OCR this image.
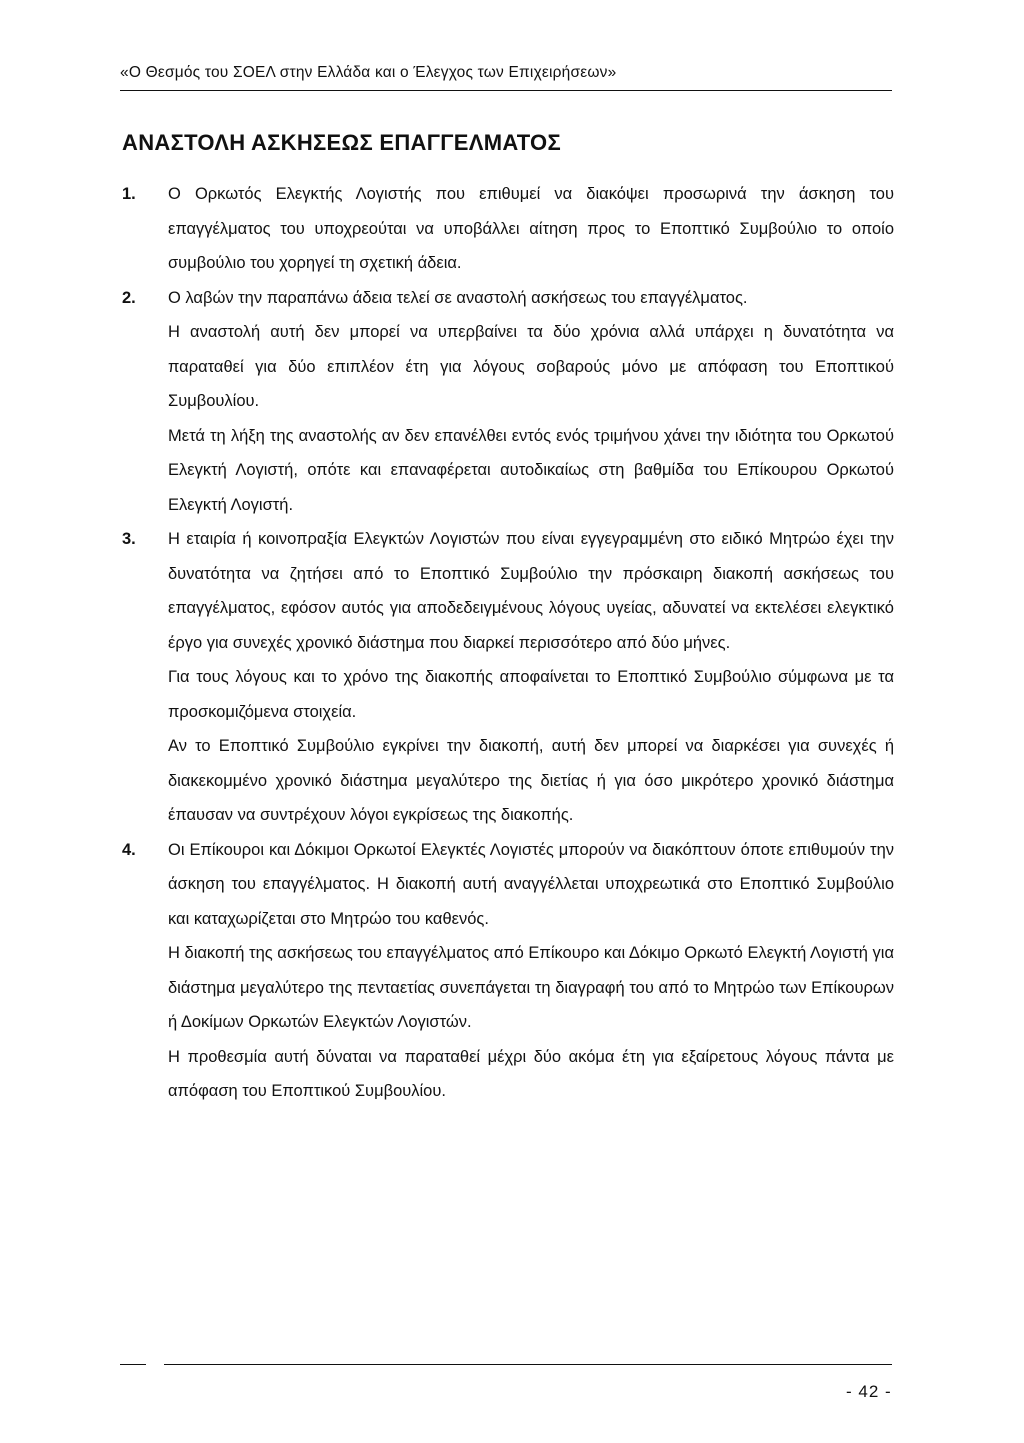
«Ο Θεσμός του ΣΟΕΛ στην Ελλάδα και ο Έλεγχος των Επιχειρήσεων»
ΑΝΑΣΤΟΛΗ ΑΣΚΗΣΕΩΣ ΕΠΑΓΓΕΛΜΑΤΟΣ
1. Ο Ορκωτός Ελεγκτής Λογιστής που επιθυμεί να διακόψει προσωρινά την άσκηση του επαγγέλματος του υποχρεούται να υποβάλλει αίτηση προς το Εποπτικό Συμβούλιο το οποίο συμβούλιο του χορηγεί τη σχετική άδεια.

2. Ο λαβών την παραπάνω άδεια τελεί σε αναστολή ασκήσεως του επαγγέλματος.

Η αναστολή αυτή δεν μπορεί να υπερβαίνει τα δύο χρόνια αλλά υπάρχει η δυνατότητα να παραταθεί για δύο επιπλέον έτη για λόγους σοβαρούς μόνο με απόφαση του Εποπτικού Συμβουλίου.

Μετά τη λήξη της αναστολής αν δεν επανέλθει εντός ενός τριμήνου χάνει την ιδιότητα του Ορκωτού Ελεγκτή Λογιστή, οπότε και επαναφέρεται αυτοδικαίως στη βαθμίδα του Επίκουρου Ορκωτού Ελεγκτή Λογιστή.

3. Η εταιρία ή κοινοπραξία Ελεγκτών Λογιστών που είναι εγγεγραμμένη στο ειδικό Μητρώο έχει την δυνατότητα να ζητήσει από το Εποπτικό Συμβούλιο την πρόσκαιρη διακοπή ασκήσεως του επαγγέλματος, εφόσον αυτός για αποδεδειγμένους λόγους υγείας, αδυνατεί να εκτελέσει ελεγκτικό έργο για συνεχές χρονικό διάστημα που διαρκεί περισσότερο από δύο μήνες.

Για τους λόγους και το χρόνο της διακοπής αποφαίνεται το Εποπτικό Συμβούλιο σύμφωνα με τα προσκομιζόμενα στοιχεία.

Αν το Εποπτικό Συμβούλιο εγκρίνει την διακοπή, αυτή δεν μπορεί να διαρκέσει για συνεχές ή διακεκομμένο χρονικό διάστημα μεγαλύτερο της διετίας ή για όσο μικρότερο χρονικό διάστημα έπαυσαν να συντρέχουν λόγοι εγκρίσεως της διακοπής.

4. Οι Επίκουροι και Δόκιμοι Ορκωτοί Ελεγκτές Λογιστές μπορούν να διακόπτουν όποτε επιθυμούν την άσκηση του επαγγέλματος. Η διακοπή αυτή αναγγέλλεται υποχρεωτικά στο Εποπτικό Συμβούλιο και καταχωρίζεται στο Μητρώο του καθενός.

Η διακοπή της ασκήσεως του επαγγέλματος από Επίκουρο και Δόκιμο Ορκωτό Ελεγκτή Λογιστή για διάστημα μεγαλύτερο της πενταετίας συνεπάγεται τη διαγραφή του από το Μητρώο των Επίκουρων ή Δοκίμων Ορκωτών Ελεγκτών Λογιστών.

Η προθεσμία αυτή δύναται να παραταθεί μέχρι δύο ακόμα έτη για εξαίρετους λόγους πάντα με απόφαση του Εποπτικού Συμβουλίου.

- 42 -
